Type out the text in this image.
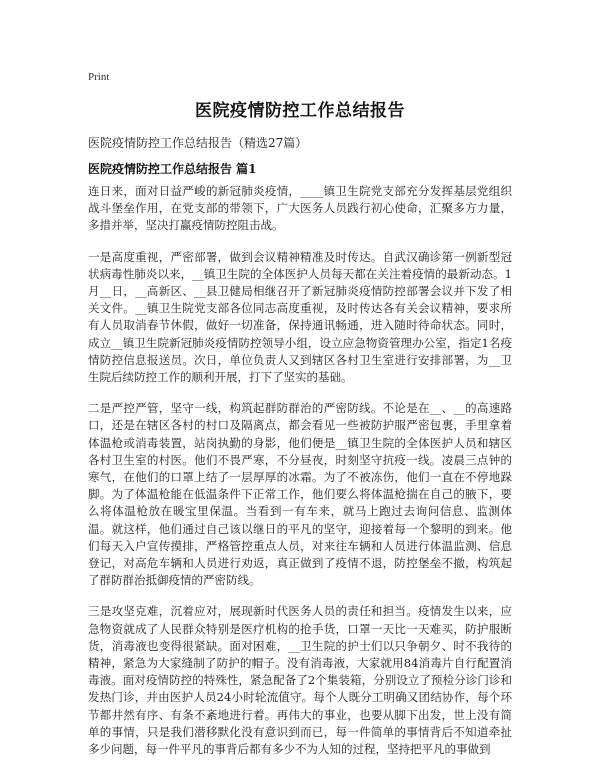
Print
医院疫情防控工作总结报告
医院疫情防控工作总结报告（精选27篇）
医院疫情防控工作总结报告 篇1

连日来，面对日益严峻的新冠肺炎疫情，____镇卫生院党支部充分发挥基层党组织战斗堡垒作用，在党支部的带领下，广大医务人员践行初心使命，汇聚多方力量，多措并举，坚决打赢疫情防控阻击战。

一是高度重视，严密部署，做到会议精神精准及时传达。自武汉确诊第一例新型冠状病毒性肺炎以来，__镇卫生院的全体医护人员每天都在关注着疫情的最新动态。1月__日，__高新区、__县卫健局相继召开了新冠肺炎疫情防控部署会议并下发了相关文件。__镇卫生院党支部各位同志高度重视，及时传达各有关会议精神，要求所有人员取消春节休假，做好一切准备，保持通讯畅通，进入随时待命状态。同时，成立__镇卫生院新冠肺炎疫情防控领导小组，设立应急物资管理办公室，指定1名疫情防控信息报送员。次日，单位负责人又到辖区各村卫生室进行安排部署，为__卫生院后续防控工作的顺利开展，打下了坚实的基础。

二是严控严管，坚守一线，构筑起群防群治的严密防线。不论是在__、__的高速路口，还是在辖区各村的村口及隔离点，都会看见一些被防护服严密包裹，手里拿着体温枪或消毒装置，站岗执勤的身影，他们便是__镇卫生院的全体医护人员和辖区各村卫生室的村医。他们不畏严寒，不分昼夜，时刻坚守抗疫一线。凌晨三点钟的寒气，在他们的口罩上结了一层厚厚的冰霜。为了不被冻伤，他们一直在不停地跺脚。为了体温枪能在低温条件下正常工作，他们要么将体温枪揣在自己的腋下，要么将体温枪放在暖宝里保温。当看到一有车来，就马上跑过去询问信息、监测体温。就这样，他们通过自己该以继日的平凡的坚守，迎接着每一个黎明的到来。他们每天入户宣传摸排，严格管控重点人员，对来往车辆和人员进行体温监测、信息登记，对高危车辆和人员进行劝返，真正做到了疫情不退，防控堡垒不撤，构筑起了群防群治抵御疫情的严密防线。

三是攻坚克难，沉着应对，展现新时代医务人员的责任和担当。疫情发生以来，应急物资就成了人民群众特别是医疗机构的抢手货，口罩一天比一天难买，防护服断货，消毒液也变得很紧缺。面对困难，__卫生院的护士们以只争朝夕、时不我待的精神，紧急为大家缝制了防护的帽子。没有消毒液，大家就用84消毒片自行配置消毒液。面对疫情防控的特殊性，紧急配备了2个集装箱，分别设立了预检分诊门诊和发热门诊，并由医护人员24小时轮流值守。每个人既分工明确又团结协作，每个环节都井然有序、有条不紊地进行着。再伟大的事业，也要从脚下出发，世上没有简单的事情，只是我们潜移默化没有意识到而已，每一件简单的事情背后不知道牵扯多少问题，每一件平凡的事背后都有多少不为人知的过程，坚持把平凡的事做到
